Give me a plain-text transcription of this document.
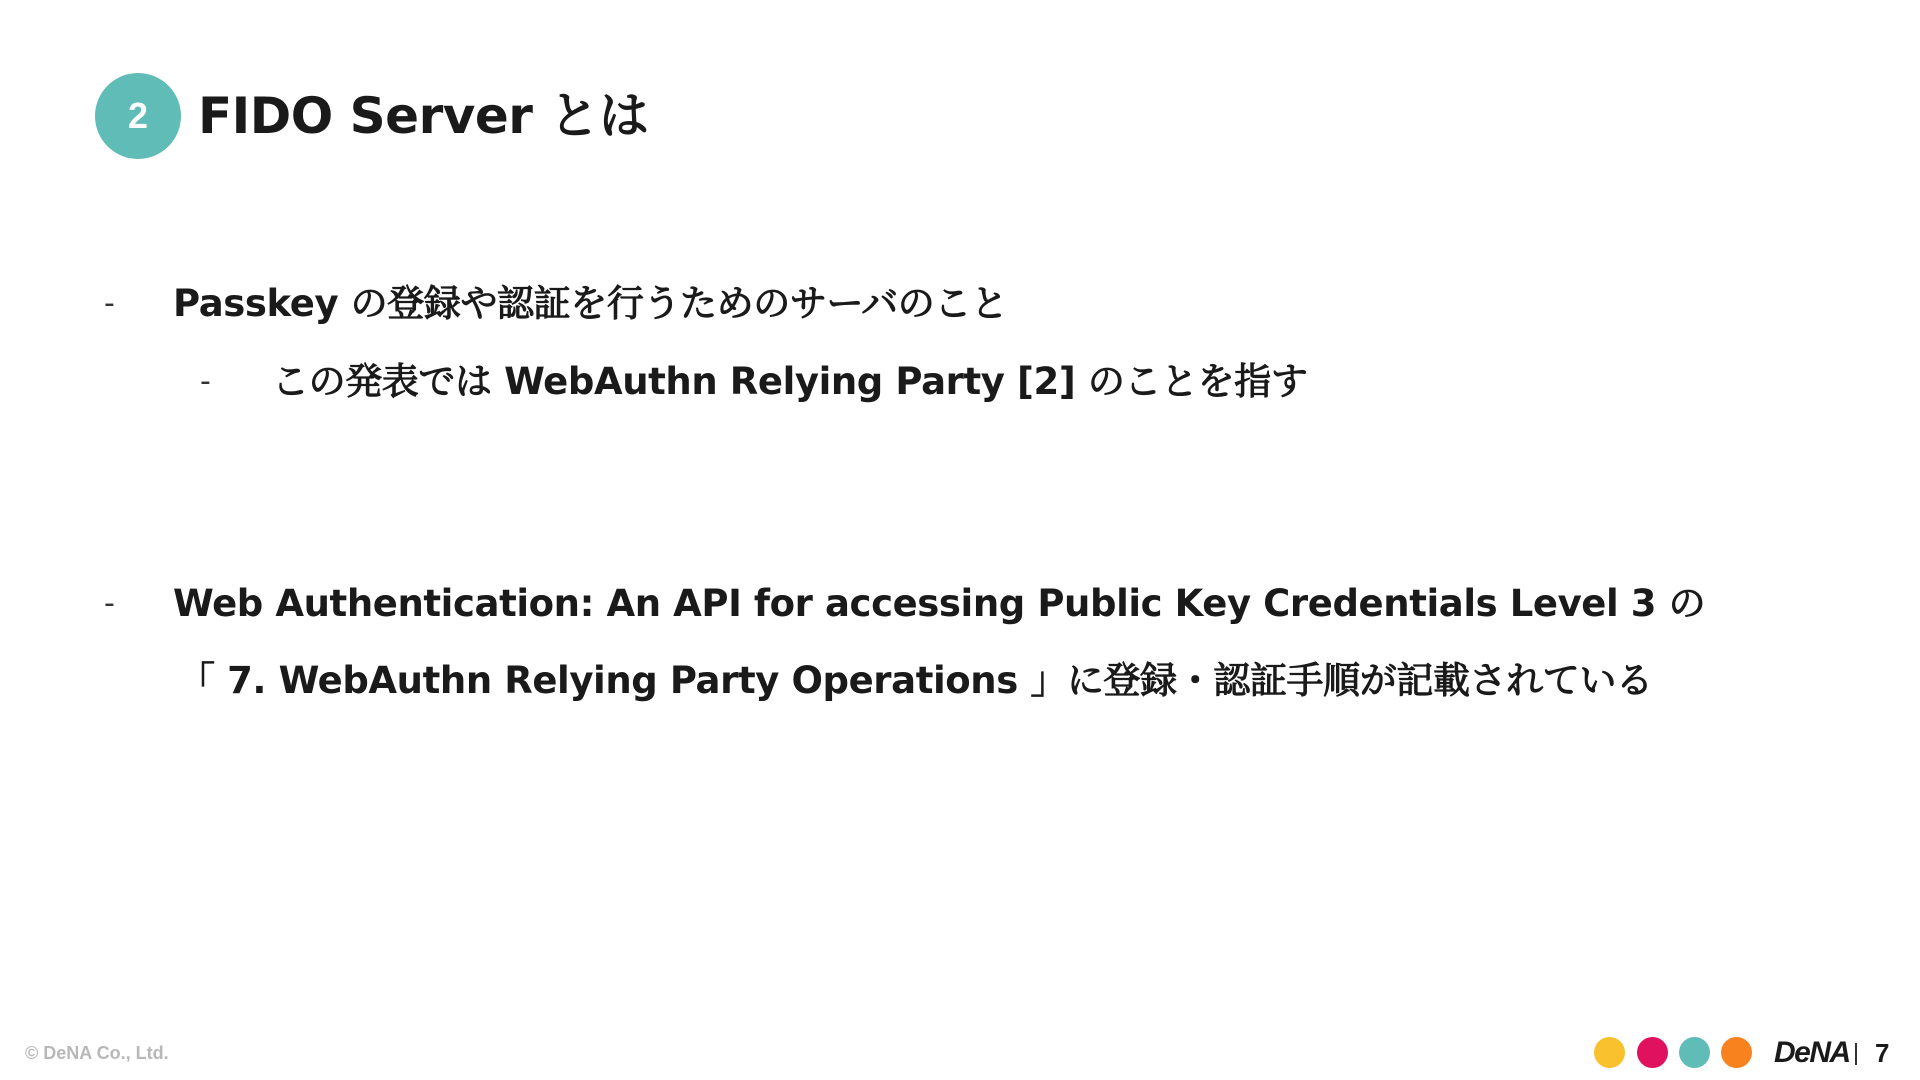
2 FIDO Server とは
- Passkey の登録や認証を行うためのサーバのこと
- この発表では WebAuthn Relying Party [2] のことを指す
- Web Authentication: An API for accessing Public Key Credentials Level 3 の
「 7. WebAuthn Relying Party Operations 」に登録・認証手順が記載されている
© DeNA Co., Ltd.	DeNA 7
